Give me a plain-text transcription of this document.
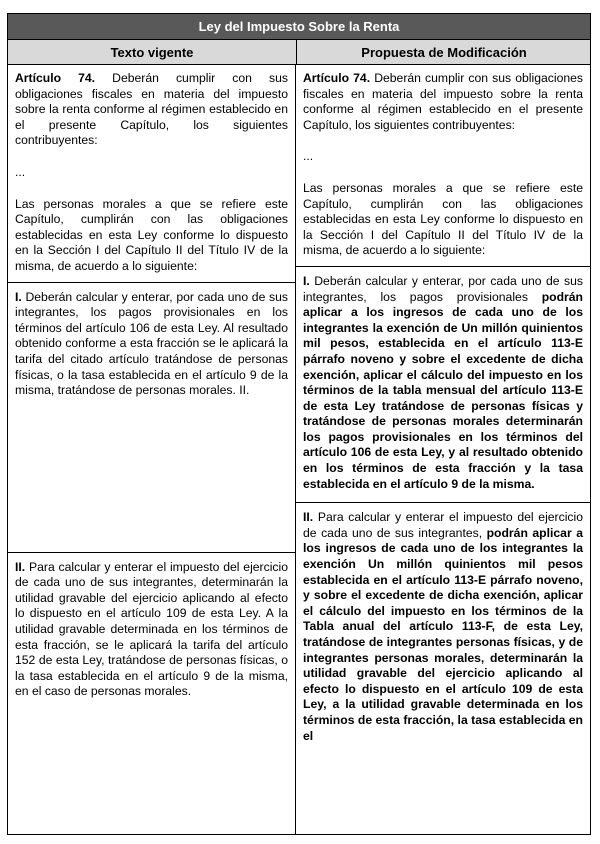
Ley del Impuesto Sobre la Renta
Texto vigente	Propuesta de Modificación

Artículo 74. Deberán cumplir con sus obligaciones fiscales en materia del impuesto sobre la renta conforme al régimen establecido en el presente Capítulo, los siguientes contribuyentes:

...

Las personas morales a que se refiere este Capítulo, cumplirán con las obligaciones establecidas en esta Ley conforme lo dispuesto en la Sección I del Capítulo II del Título IV de la misma, de acuerdo a lo siguiente:

I. Deberán calcular y enterar, por cada uno de sus integrantes, los pagos provisionales en los términos del artículo 106 de esta Ley. Al resultado obtenido conforme a esta fracción se le aplicará la tarifa del citado artículo tratándose de personas físicas, o la tasa establecida en el artículo 9 de la misma, tratándose de personas morales. II.

II. Para calcular y enterar el impuesto del ejercicio de cada uno de sus integrantes, determinarán la utilidad gravable del ejercicio aplicando al efecto lo dispuesto en el artículo 109 de esta Ley. A la utilidad gravable determinada en los términos de esta fracción, se le aplicará la tarifa del artículo 152 de esta Ley, tratándose de personas físicas, o la tasa establecida en el artículo 9 de la misma, en el caso de personas morales.

Artículo 74. Deberán cumplir con sus obligaciones fiscales en materia del impuesto sobre la renta conforme al régimen establecido en el presente Capítulo, los siguientes contribuyentes:

...

Las personas morales a que se refiere este Capítulo, cumplirán con las obligaciones establecidas en esta Ley conforme lo dispuesto en la Sección I del Capítulo II del Título IV de la misma, de acuerdo a lo siguiente:

I. Deberán calcular y enterar, por cada uno de sus integrantes, los pagos provisionales podrán aplicar a los ingresos de cada uno de los integrantes la exención de Un millón quinientos mil pesos, establecida en el artículo 113-E párrafo noveno y sobre el excedente de dicha exención, aplicar el cálculo del impuesto en los términos de la tabla mensual del artículo 113-E de esta Ley tratándose de personas físicas y tratándose de personas morales determinarán los pagos provisionales en los términos del artículo 106 de esta Ley, y al resultado obtenido en los términos de esta fracción y la tasa establecida en el artículo 9 de la misma.

II. Para calcular y enterar el impuesto del ejercicio de cada uno de sus integrantes, podrán aplicar a los ingresos de cada uno de los integrantes la exención Un millón quinientos mil pesos establecida en el artículo 113-E párrafo noveno, y sobre el excedente de dicha exención, aplicar el cálculo del impuesto en los términos de la Tabla anual del artículo 113-F, de esta Ley, tratándose de integrantes personas físicas, y de integrantes personas morales, determinarán la utilidad gravable del ejercicio aplicando al efecto lo dispuesto en el artículo 109 de esta Ley, a la utilidad gravable determinada en los términos de esta fracción, la tasa establecida en el
